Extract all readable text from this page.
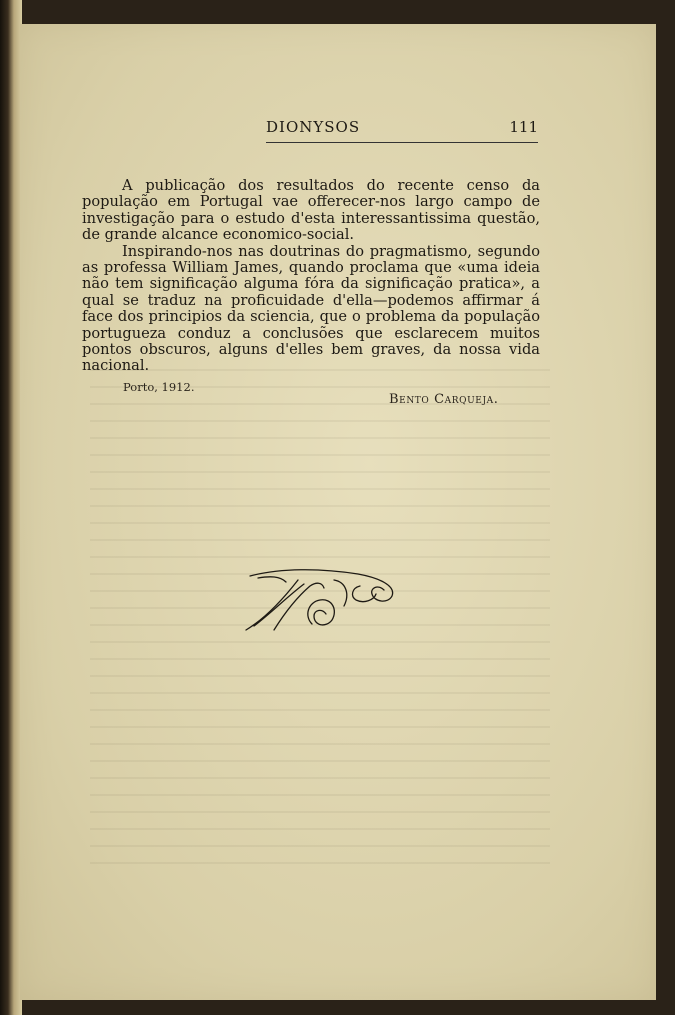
DIONYSOS	111

A publicação dos resultados do recente censo da população em Portugal vae offerecer-nos largo campo de investigação para o estudo d'esta interessantissima questão, de grande alcance economico-social.

Inspirando-nos nas doutrinas do pragmatismo, segundo as professa William James, quando proclama que «uma ideia não tem significação alguma fóra da significação pratica», a qual se traduz na proficuidade d'ella—podemos affirmar á face dos principios da sciencia, que o problema da população portugueza conduz a conclusões que esclarecem muitos pontos obscuros, alguns d'elles bem graves, da nossa vida nacional.

Porto, 1912.
Bento Carqueja.
